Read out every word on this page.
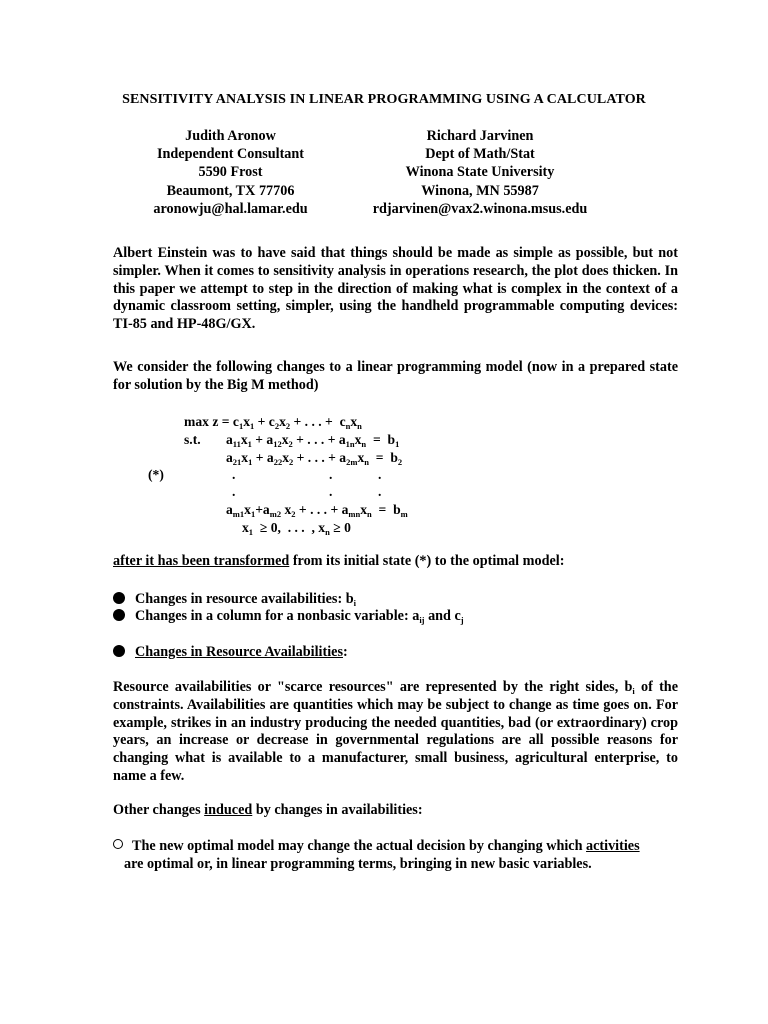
SENSITIVITY ANALYSIS IN LINEAR PROGRAMMING USING A CALCULATOR
Judith Aronow
Independent Consultant
5590 Frost
Beaumont, TX 77706
aronowju@hal.lamar.edu
Richard Jarvinen
Dept of Math/Stat
Winona State University
Winona, MN 55987
rdjarvinen@vax2.winona.msus.edu

Albert Einstein was to have said that things should be made as simple as possible, but not simpler. When it comes to sensitivity analysis in operations research, the plot does thicken. In this paper we attempt to step in the direction of making what is complex in the context of a dynamic classroom setting, simpler, using the handheld programmable computing devices: TI-85 and HP-48G/GX.

We consider the following changes to a linear programming model (now in a prepared state for solution by the Big M method)

$\max z = c_1x_1 + c_2x_2$ + . . . +  $c_nx_n$
s.t. $a_{11}x_1 + a_{12}x_2$ + . . . + $a_{1n}x_n = b_1$
$a_{21}x_1 + a_{22}x_2$ + . . . + $a_{2m}x_n = b_2$
(*)	.	.	.
.	.	.
$a_{m1}x_1+a_{m2}$ $x_2$ + . . . + $a_{mn}x_n = b_m$
$x_1 \ge 0$,  . . .  , $x_n \ge 0$
after it has been transformed from its initial state (*) to the optimal model:
Changes in resource availabilities: $b_i$
Changes in a column for a nonbasic variable: $a_{ij}$ and $c_j$
Changes in Resource Availabilities:

Resource availabilities or "scarce resources" are represented by the right sides, $b_i$ of the constraints. Availabilities are quantities which may be subject to change as time goes on. For example, strikes in an industry producing the needed quantities, bad (or extraordinary) crop years, an increase or decrease in governmental regulations are all possible reasons for changing what is available to a manufacturer, small business, agricultural enterprise, to name a few.

Other changes induced by changes in availabilities:
The new optimal model may change the actual decision by changing which activities
are optimal or, in linear programming terms, bringing in new basic variables.
